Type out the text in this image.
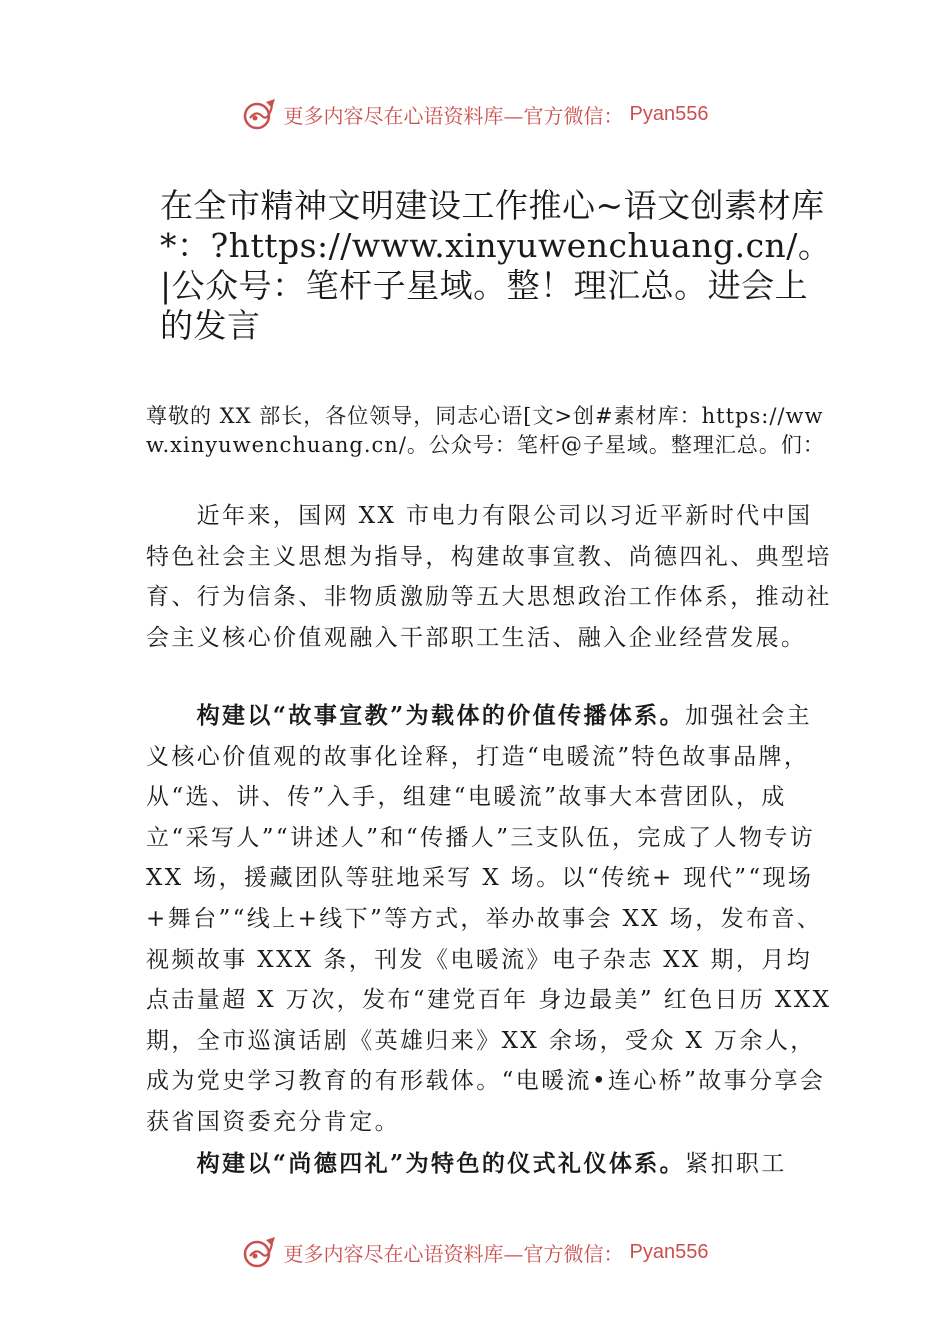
更多内容尽在心语资料库—官方微信： Pyan556
在全市精神文明建设工作推心~语文创素材库*：?https://www.xinyuwenchuang.cn/。|公众号：笔杆子星域。整！理汇总。进会上的发言

尊敬的 XX 部长，各位领导，同志心语[文>创#素材库：https://www.xinyuwenchuang.cn/。公众号：笔杆@子星域。整理汇总。们：

近年来，国网 XX 市电力有限公司以习近平新时代中国特色社会主义思想为指导，构建故事宣教、尚德四礼、典型培育、行为信条、非物质激励等五大思想政治工作体系，推动社会主义核心价值观融入干部职工生活、融入企业经营发展。

构建以“故事宣教”为载体的价值传播体系。加强社会主义核心价值观的故事化诠释，打造“电暖流”特色故事品牌，从“选、讲、传”入手，组建“电暖流”故事大本营团队，成立“采写人”“讲述人”和“传播人”三支队伍，完成了人物专访 XX 场，援藏团队等驻地采写 X 场。以“传统+ 现代”“现场+舞台”“线上+线下”等方式，举办故事会 XX 场，发布音、视频故事 XXX 条，刊发《电暖流》电子杂志 XX 期，月均点击量超 X 万次，发布“建党百年 身边最美” 红色日历 XXX 期，全市巡演话剧《英雄归来》XX 余场，受众 X 万余人，成为党史学习教育的有形载体。“电暖流•连心桥”故事分享会获省国资委充分肯定。

构建以“尚德四礼”为特色的仪式礼仪体系。紧扣职工

更多内容尽在心语资料库—官方微信： Pyan556
